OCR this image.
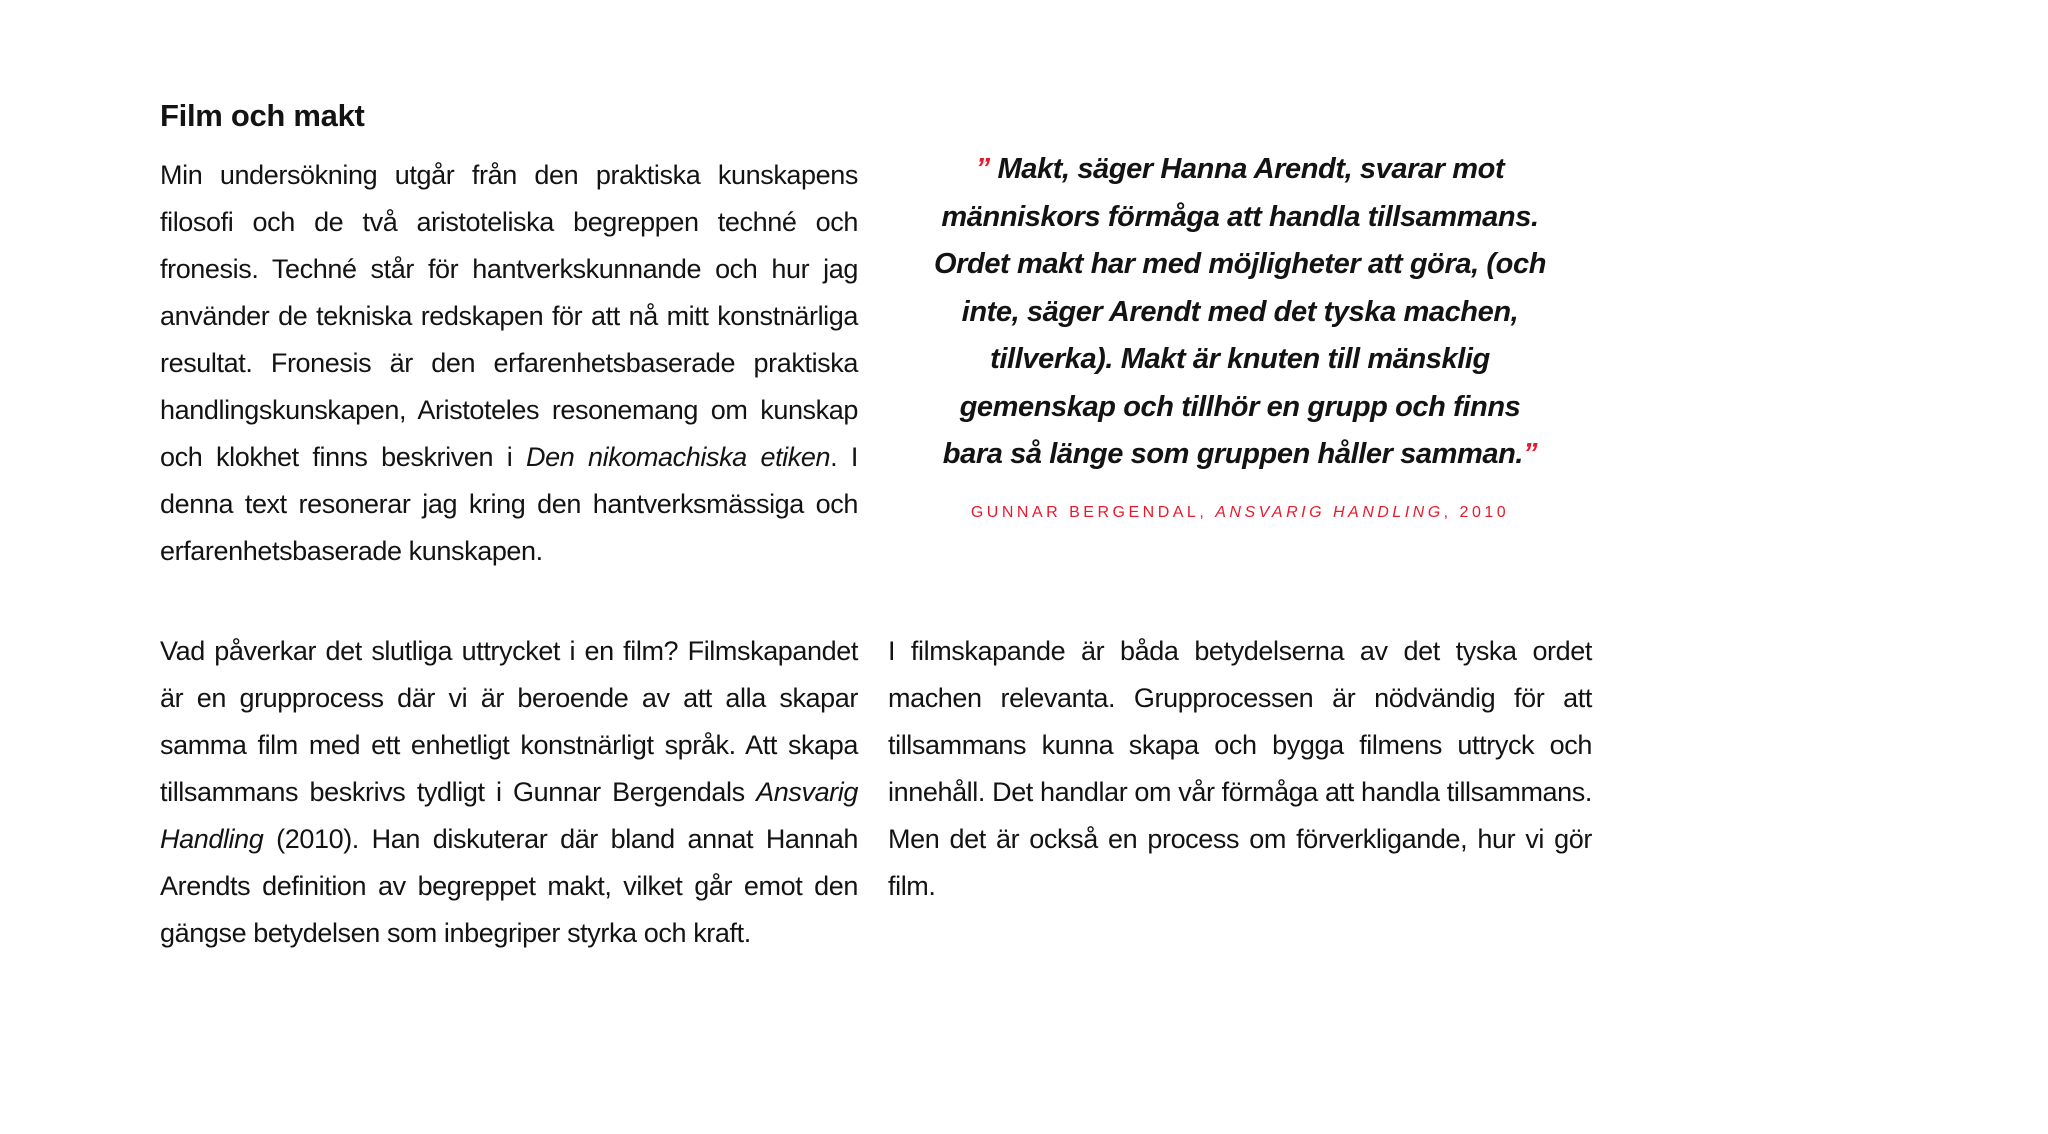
Film och makt

Min undersökning utgår från den praktiska kunskapens filosofi och de två aristoteliska begreppen techné och fronesis. Techné står för hantverkskunnande och hur jag använder de tekniska redskapen för att nå mitt konstnärliga resultat. Fronesis är den erfarenhetsbaserade praktiska handlingskunskapen, Aristoteles resonemang om kunskap och klokhet finns beskriven i Den nikomachiska etiken. I denna text resonerar jag kring den hantverksmässiga och erfarenhetsbaserade kunskapen.

” Makt, säger Hanna Arendt, svarar mot människors förmåga att handla tillsammans. Ordet makt har med möjligheter att göra, (och inte, säger Arendt med det tyska machen, tillverka). Makt är knuten till mänsklig gemenskap och tillhör en grupp och finns bara så länge som gruppen håller samman.”

GUNNAR BERGENDAL, ANSVARIG HANDLING, 2010

Vad påverkar det slutliga uttrycket i en film? Filmskapandet är en grupprocess där vi är beroende av att alla skapar samma film med ett enhetligt konstnärligt språk. Att skapa tillsammans beskrivs tydligt i Gunnar Bergendals Ansvarig Handling (2010). Han diskuterar där bland annat Hannah Arendts definition av begreppet makt, vilket går emot den gängse betydelsen som inbegriper styrka och kraft.

I filmskapande är båda betydelserna av det tyska ordet machen relevanta. Grupprocessen är nödvändig för att tillsammans kunna skapa och bygga filmens uttryck och innehåll. Det handlar om vår förmåga att handla tillsammans. Men det är också en process om förverkligande, hur vi gör film.
